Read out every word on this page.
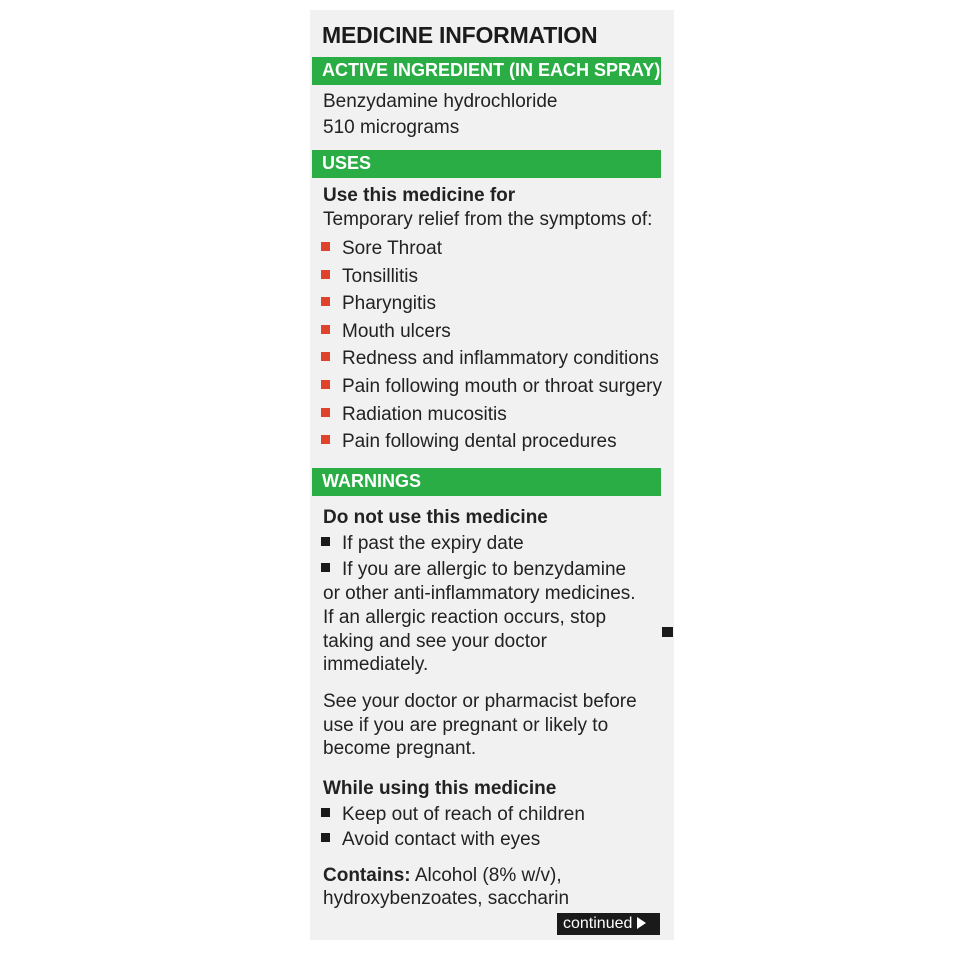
MEDICINE INFORMATION
ACTIVE INGREDIENT (IN EACH SPRAY)
Benzydamine hydrochloride
510 micrograms
USES
Use this medicine for
Temporary relief from the symptoms of:
Sore Throat
Tonsillitis
Pharyngitis
Mouth ulcers
Redness and inflammatory conditions
Pain following mouth or throat surgery
Radiation mucositis
Pain following dental procedures
WARNINGS
Do not use this medicine
If past the expiry date
If you are allergic to benzydamine
or other anti-inflammatory medicines.
If an allergic reaction occurs, stop
taking and see your doctor
immediately.
See your doctor or pharmacist before
use if you are pregnant or likely to
become pregnant.
While using this medicine
Keep out of reach of children
Avoid contact with eyes
Contains: Alcohol (8% w/v),
hydroxybenzoates, saccharin
continued
